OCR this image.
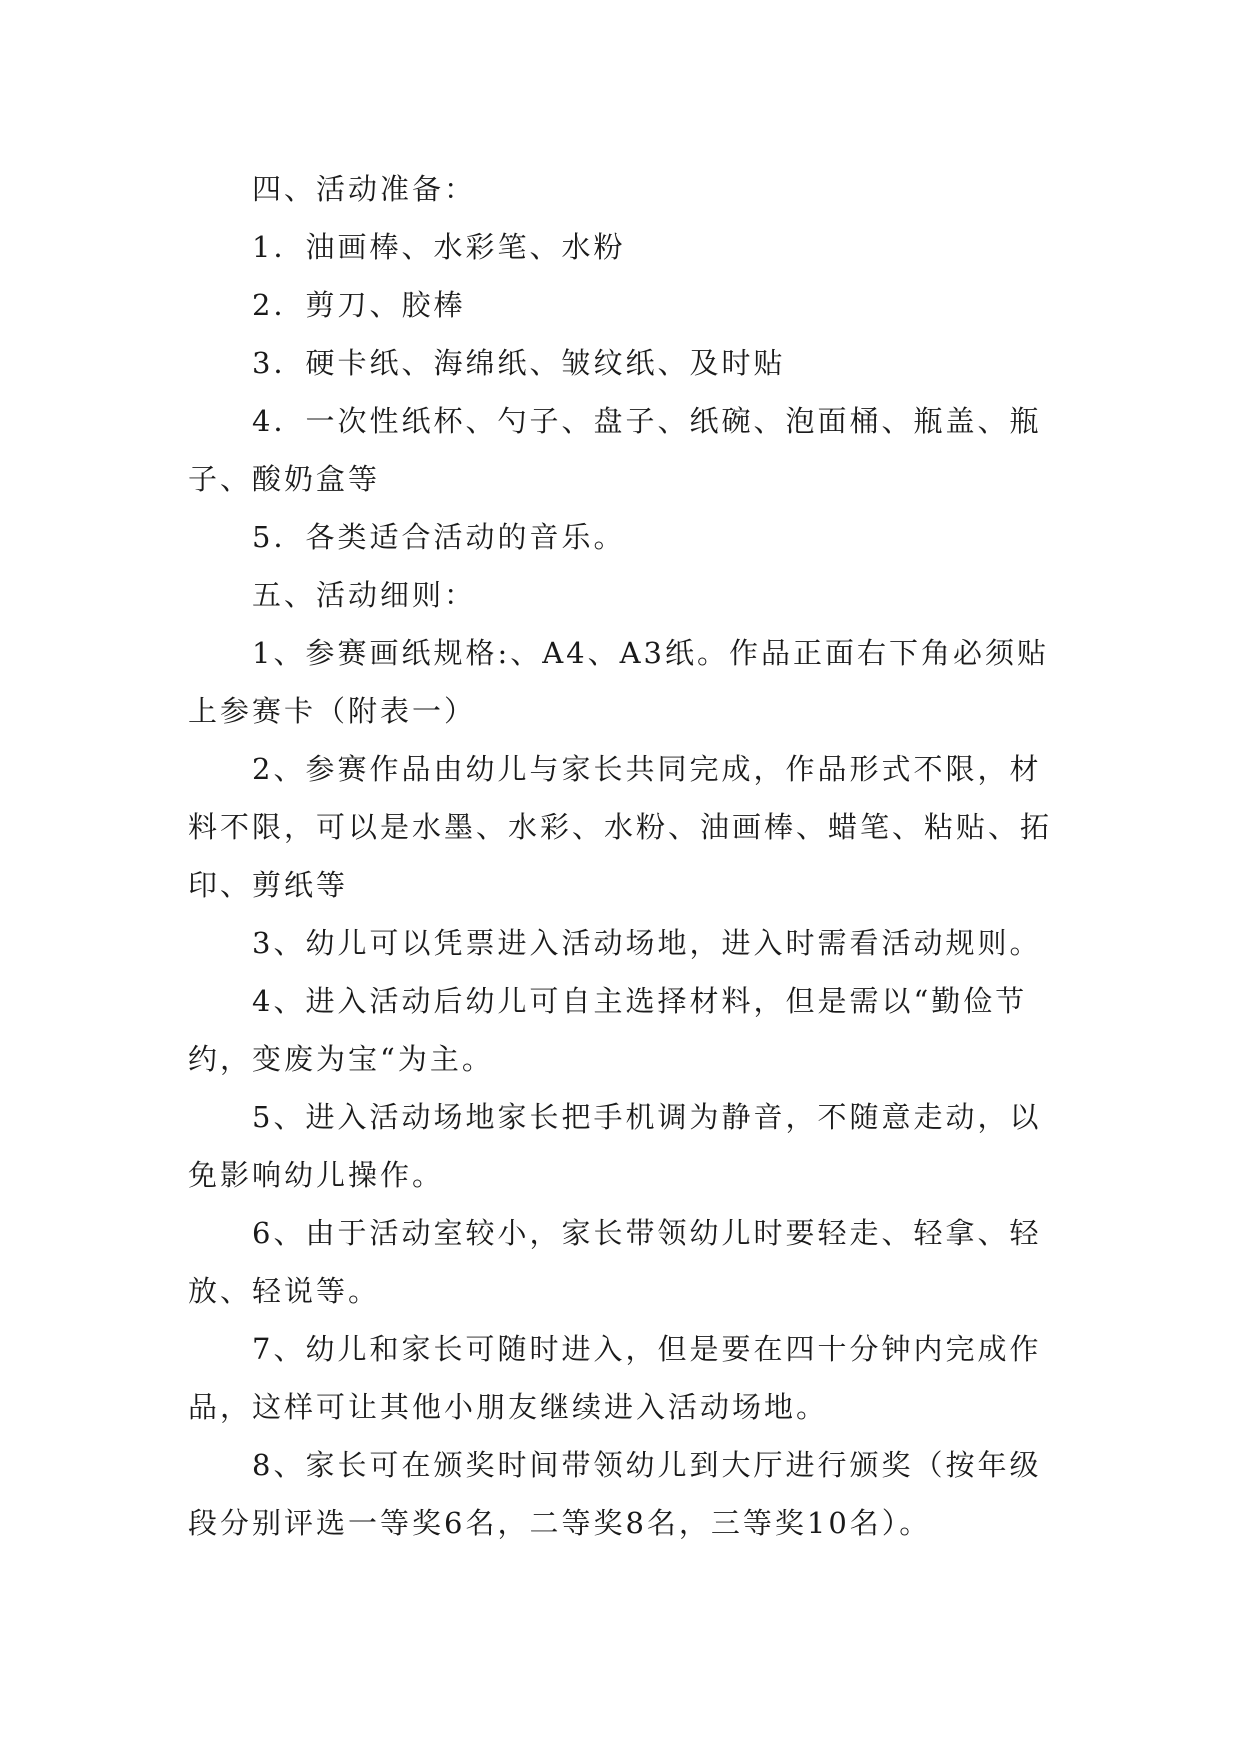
四、活动准备：

1．油画棒、水彩笔、水粉

2．剪刀、胶棒

3．硬卡纸、海绵纸、皱纹纸、及时贴

4．一次性纸杯、勺子、盘子、纸碗、泡面桶、瓶盖、瓶子、酸奶盒等

5．各类适合活动的音乐。

五、活动细则：

1、参赛画纸规格:、A4、A3纸。作品正面右下角必须贴上参赛卡（附表一）

2、参赛作品由幼儿与家长共同完成，作品形式不限，材料不限，可以是水墨、水彩、水粉、油画棒、蜡笔、粘贴、拓印、剪纸等

3、幼儿可以凭票进入活动场地，进入时需看活动规则。

4、进入活动后幼儿可自主选择材料，但是需以“勤俭节约，变废为宝“为主。

5、进入活动场地家长把手机调为静音，不随意走动，以免影响幼儿操作。

6、由于活动室较小，家长带领幼儿时要轻走、轻拿、轻放、轻说等。

7、幼儿和家长可随时进入，但是要在四十分钟内完成作品，这样可让其他小朋友继续进入活动场地。

8、家长可在颁奖时间带领幼儿到大厅进行颁奖（按年级段分别评选一等奖6名，二等奖8名，三等奖10名）。
